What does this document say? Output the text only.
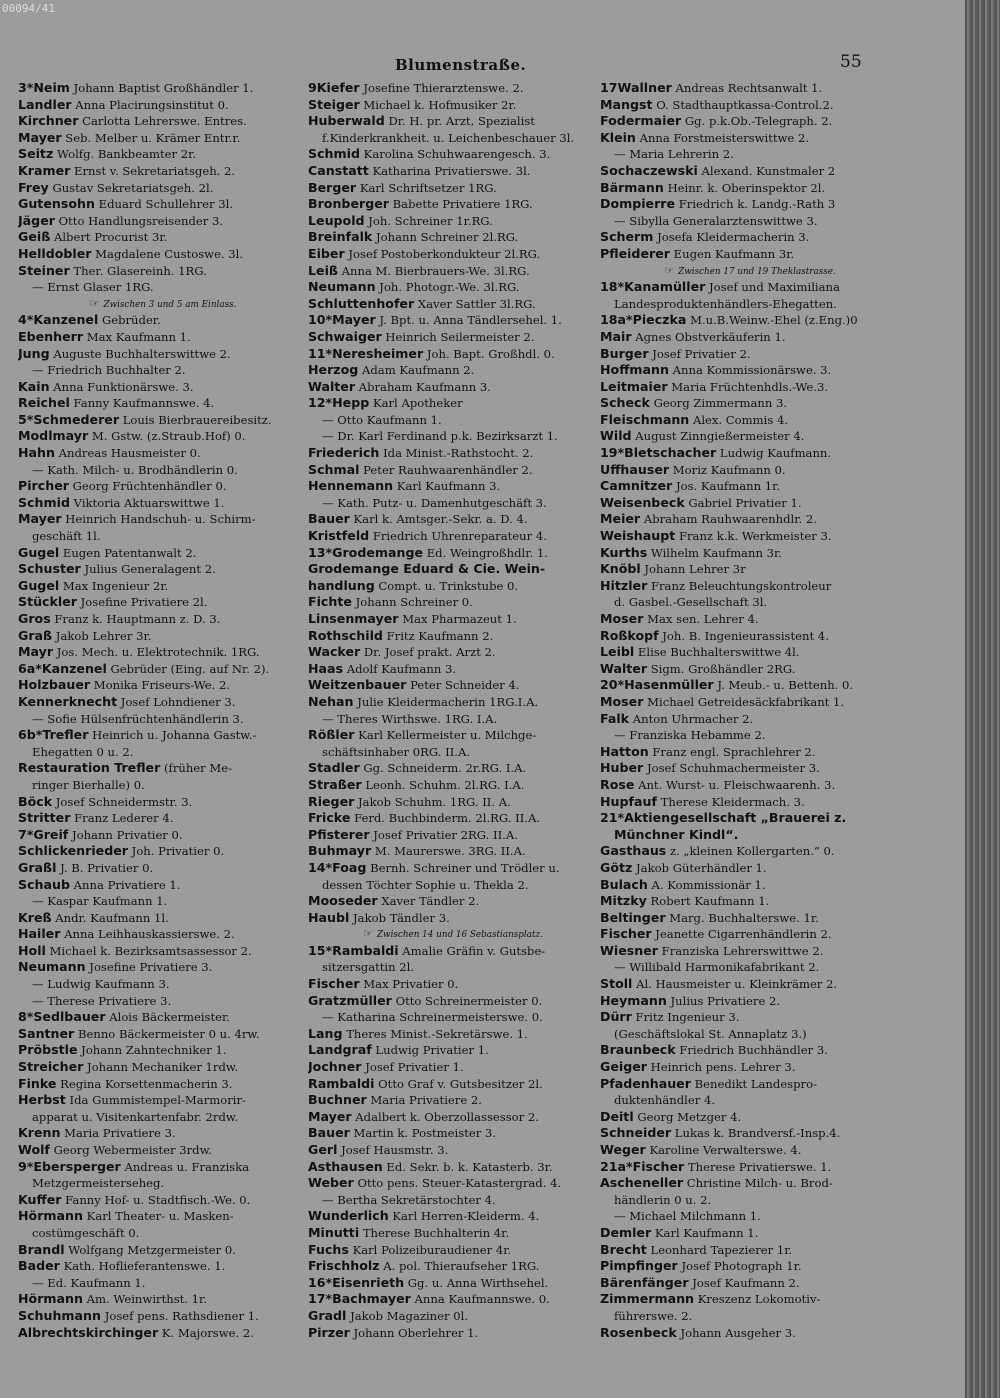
00094/41
Blumenstraße.	55
3*Neim Johann Baptist Großhändler 1.
Landler Anna Placirungsinstitut 0.
Kirchner Carlotta Lehrerswe. Entres.
Mayer Seb. Melber u. Krämer Entr.r.
Seitz Wolfg. Bankbeamter 2r.
Kramer Ernst v. Sekretariatsgeh. 2.
Frey Gustav Sekretariatsgeh. 2l.
Gutensohn Eduard Schullehrer 3l.
Jäger Otto Handlungsreisender 3.
Geiß Albert Procurist 3r.
Helldobler Magdalene Custoswe. 3l.
Steiner Ther. Glasereinh. 1RG.
— Ernst Glaser 1RG.
☞ Zwischen 3 und 5 am Einlass.
4*Kanzenel Gebrüder.
Ebenherr Max Kaufmann 1.
Jung Auguste Buchhalterswittwe 2.
— Friedrich Buchhalter 2.
Kain Anna Funktionärswe. 3.
Reichel Fanny Kaufmannswe. 4.
5*Schmederer Louis Bierbrauereibesitz.
Modlmayr M. Gstw. (z.Straub.Hof) 0.
Hahn Andreas Hausmeister 0.
— Kath. Milch- u. Brodhändlerin 0.
Pircher Georg Früchtenhändler 0.
Schmid Viktoria Aktuarswittwe 1.
Mayer Heinrich Handschuh- u. Schirm-
geschäft 1l.
Gugel Eugen Patentanwalt 2.
Schuster Julius Generalagent 2.
Gugel Max Ingenieur 2r.
Stückler Josefine Privatiere 2l.
Gros Franz k. Hauptmann z. D. 3.
Graß Jakob Lehrer 3r.
Mayr Jos. Mech. u. Elektrotechnik. 1RG.
6a*Kanzenel Gebrüder (Eing. auf Nr. 2).
Holzbauer Monika Friseurs-We. 2.
Kennerknecht Josef Lohndiener 3.
— Sofie Hülsenfrüchtenhändlerin 3.
6b*Trefler Heinrich u. Johanna Gastw.-
Ehegatten 0 u. 2.
Restauration Trefler (früher Me-
ringer Bierhalle) 0.
Böck Josef Schneidermstr. 3.
Stritter Franz Lederer 4.
7*Greif Johann Privatier 0.
Schlickenrieder Joh. Privatier 0.
Graßl J. B. Privatier 0.
Schaub Anna Privatiere 1.
— Kaspar Kaufmann 1.
Kreß Andr. Kaufmann 1l.
Hailer Anna Leihhauskassierswe. 2.
Holl Michael k. Bezirksamtsassessor 2.
Neumann Josefine Privatiere 3.
— Ludwig Kaufmann 3.
— Therese Privatiere 3.
8*Sedlbauer Alois Bäckermeister.
Santner Benno Bäckermeister 0 u. 4rw.
Pröbstle Johann Zahntechniker 1.
Streicher Johann Mechaniker 1rdw.
Finke Regina Korsettenmacherin 3.
Herbst Ida Gummistempel-Marmorir-
apparat u. Visitenkartenfabr. 2rdw.
Krenn Maria Privatiere 3.
Wolf Georg Webermeister 3rdw.
9*Ebersperger Andreas u. Franziska
Metzgermeisterseheg.
Kuffer Fanny Hof- u. Stadtfisch.-We. 0.
Hörmann Karl Theater- u. Masken-
costümgeschäft 0.
Brandl Wolfgang Metzgermeister 0.
Bader Kath. Hoflieferantenswe. 1.
— Ed. Kaufmann 1.
Hörmann Am. Weinwirthst. 1r.
Schuhmann Josef pens. Rathsdiener 1.
Albrechtskirchinger K. Majorswe. 2.
9Kiefer Josefine Thierarztenswe. 2.
Steiger Michael k. Hofmusiker 2r.
Huberwald Dr. H. pr. Arzt, Spezialist
f.Kinderkrankheit. u. Leichenbeschauer 3l.
Schmid Karolina Schuhwaarengesch. 3.
Canstatt Katharina Privatierswe. 3l.
Berger Karl Schriftsetzer 1RG.
Bronberger Babette Privatiere 1RG.
Leupold Joh. Schreiner 1r.RG.
Breinfalk Johann Schreiner 2l.RG.
Eiber Josef Postoberkondukteur 2l.RG.
Leiß Anna M. Bierbrauers-We. 3l.RG.
Neumann Joh. Photogr.-We. 3l.RG.
Schluttenhofer Xaver Sattler 3l.RG.
10*Mayer J. Bpt. u. Anna Tändlersehel. 1.
Schwaiger Heinrich Seilermeister 2.
11*Neresheimer Joh. Bapt. Großhdl. 0.
Herzog Adam Kaufmann 2.
Walter Abraham Kaufmann 3.
12*Hepp Karl Apotheker
— Otto Kaufmann 1.
— Dr. Karl Ferdinand p.k. Bezirksarzt 1.
Friederich Ida Minist.-Rathstocht. 2.
Schmal Peter Rauhwaarenhändler 2.
Hennemann Karl Kaufmann 3.
— Kath. Putz- u. Damenhutgeschäft 3.
Bauer Karl k. Amtsger.-Sekr. a. D. 4.
Kristfeld Friedrich Uhrenreparateur 4.
13*Grodemange Ed. Weingroßhdlr. 1.
Grodemange Eduard & Cie. Wein-
handlung Compt. u. Trinkstube 0.
Fichte Johann Schreiner 0.
Linsenmayer Max Pharmazeut 1.
Rothschild Fritz Kaufmann 2.
Wacker Dr. Josef prakt. Arzt 2.
Haas Adolf Kaufmann 3.
Weitzenbauer Peter Schneider 4.
Nehan Julie Kleidermacherin 1RG.I.A.
— Theres Wirthswe. 1RG. I.A.
Rößler Karl Kellermeister u. Milchge-
schäftsinhaber 0RG. II.A.
Stadler Gg. Schneiderm. 2r.RG. I.A.
Straßer Leonh. Schuhm. 2l.RG. I.A.
Rieger Jakob Schuhm. 1RG. II. A.
Fricke Ferd. Buchbinderm. 2l.RG. II.A.
Pfisterer Josef Privatier 2RG. II.A.
Buhmayr M. Maurerswe. 3RG. II.A.
14*Foag Bernh. Schreiner und Trödler u.
dessen Töchter Sophie u. Thekla 2.
Mooseder Xaver Tändler 2.
Haubl Jakob Tändler 3.
☞ Zwischen 14 und 16 Sebastiansplatz.
15*Rambaldi Amalie Gräfin v. Gutsbe-
sitzersgattin 2l.
Fischer Max Privatier 0.
Gratzmüller Otto Schreinermeister 0.
— Katharina Schreinermeisterswe. 0.
Lang Theres Minist.-Sekretärswe. 1.
Landgraf Ludwig Privatier 1.
Jochner Josef Privatier 1.
Rambaldi Otto Graf v. Gutsbesitzer 2l.
Buchner Maria Privatiere 2.
Mayer Adalbert k. Oberzollassessor 2.
Bauer Martin k. Postmeister 3.
Gerl Josef Hausmstr. 3.
Asthausen Ed. Sekr. b. k. Katasterb. 3r.
Weber Otto pens. Steuer-Katastergrad. 4.
— Bertha Sekretärstochter 4.
Wunderlich Karl Herren-Kleiderm. 4.
Minutti Therese Buchhalterin 4r.
Fuchs Karl Polizeiburaudiener 4r.
Frischholz A. pol. Thieraufseher 1RG.
16*Eisenrieth Gg. u. Anna Wirthsehel.
17*Bachmayer Anna Kaufmannswe. 0.
Gradl Jakob Magaziner 0l.
Pirzer Johann Oberlehrer 1.
17Wallner Andreas Rechtsanwalt 1.
Mangst O. Stadthauptkassa-Control.2.
Fodermaier Gg. p.k.Ob.-Telegraph. 2.
Klein Anna Forstmeisterswittwe 2.
— Maria Lehrerin 2.
Sochaczewski Alexand. Kunstmaler 2
Bärmann Heinr. k. Oberinspektor 2l.
Dompierre Friedrich k. Landg.-Rath 3
— Sibylla Generalarztenswittwe 3.
Scherm Josefa Kleidermacherin 3.
Pfleiderer Eugen Kaufmann 3r.
☞ Zwischen 17 und 19 Theklastrasse.
18*Kanamüller Josef und Maximiliana
Landesproduktenhändlers-Ehegatten.
18a*Pieczka M.u.B.Weinw.-Ehel (z.Eng.)0
Mair Agnes Obstverkäuferin 1.
Burger Josef Privatier 2.
Hoffmann Anna Kommissionärswe. 3.
Leitmaier Maria Früchtenhdls.-We.3.
Scheck Georg Zimmermann 3.
Fleischmann Alex. Commis 4.
Wild August Zinngießermeister 4.
19*Bletschacher Ludwig Kaufmann.
Uffhauser Moriz Kaufmann 0.
Camnitzer Jos. Kaufmann 1r.
Weisenbeck Gabriel Privatier 1.
Meier Abraham Rauhwaarenhdlr. 2.
Weishaupt Franz k.k. Werkmeister 3.
Kurths Wilhelm Kaufmann 3r.
Knöbl Johann Lehrer 3r
Hitzler Franz Beleuchtungskontroleur
d. Gasbel.-Gesellschaft 3l.
Moser Max sen. Lehrer 4.
Roßkopf Joh. B. Ingenieurassistent 4.
Leibl Elise Buchhalterswittwe 4l.
Walter Sigm. Großhändler 2RG.
20*Hasenmüller J. Meub.- u. Bettenh. 0.
Moser Michael Getreidesäckfabrikant 1.
Falk Anton Uhrmacher 2.
— Franziska Hebamme 2.
Hatton Franz engl. Sprachlehrer 2.
Huber Josef Schuhmachermeister 3.
Rose Ant. Wurst- u. Fleischwaarenh. 3.
Hupfauf Therese Kleidermach. 3.
21*Aktiengesellschaft „Brauerei z.
Münchner Kindl“.
Gasthaus z. „kleinen Kollergarten.“ 0.
Götz Jakob Güterhändler 1.
Bulach A. Kommissionär 1.
Mitzky Robert Kaufmann 1.
Beltinger Marg. Buchhalterswe. 1r.
Fischer Jeanette Cigarrenhändlerin 2.
Wiesner Franziska Lehrerswittwe 2.
— Willibald Harmonikafabrikant 2.
Stoll Al. Hausmeister u. Kleinkrämer 2.
Heymann Julius Privatiere 2.
Dürr Fritz Ingenieur 3.
(Geschäftslokal St. Annaplatz 3.)
Braunbeck Friedrich Buchhändler 3.
Geiger Heinrich pens. Lehrer 3.
Pfadenhauer Benedikt Landespro-
duktenhändler 4.
Deitl Georg Metzger 4.
Schneider Lukas k. Brandversf.-Insp.4.
Weger Karoline Verwalterswe. 4.
21a*Fischer Therese Privatierswe. 1.
Ascheneller Christine Milch- u. Brod-
händlerin 0 u. 2.
— Michael Milchmann 1.
Demler Karl Kaufmann 1.
Brecht Leonhard Tapezierer 1r.
Pimpfinger Josef Photograph 1r.
Bärenfänger Josef Kaufmann 2.
Zimmermann Kreszenz Lokomotiv-
führerswe. 2.
Rosenbeck Johann Ausgeher 3.
